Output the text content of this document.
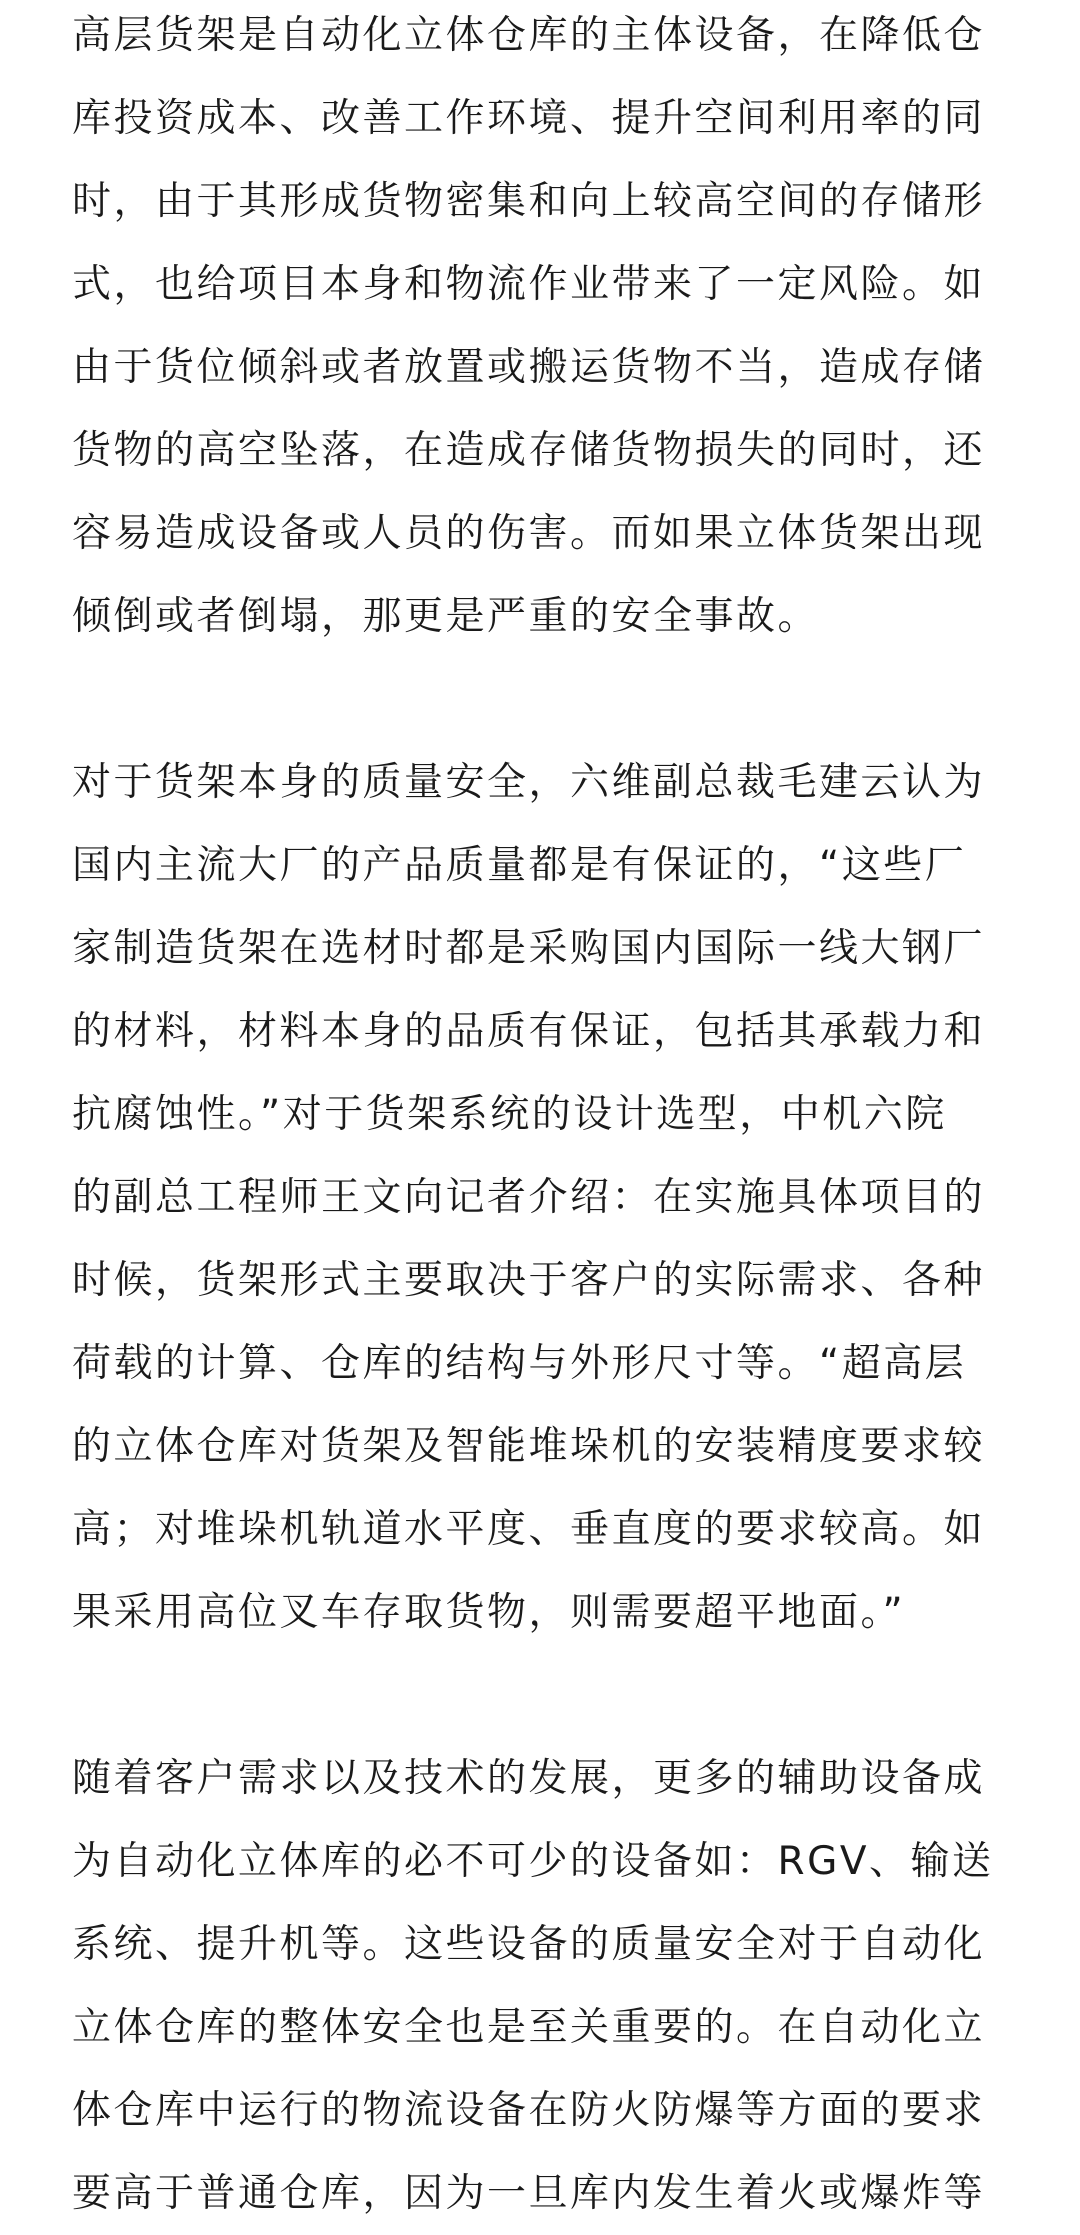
高层货架是自动化立体仓库的主体设备，在降低仓
库投资成本、改善工作环境、提升空间利用率的同
时，由于其形成货物密集和向上较高空间的存储形
式，也给项目本身和物流作业带来了一定风险。如
由于货位倾斜或者放置或搬运货物不当，造成存储
货物的高空坠落，在造成存储货物损失的同时，还
容易造成设备或人员的伤害。而如果立体货架出现
倾倒或者倒塌，那更是严重的安全事故。
对于货架本身的质量安全，六维副总裁毛建云认为
国内主流大厂的产品质量都是有保证的，“这些厂
家制造货架在选材时都是采购国内国际一线大钢厂
的材料，材料本身的品质有保证，包括其承载力和
抗腐蚀性。”对于货架系统的设计选型，中机六院
的副总工程师王文向记者介绍：在实施具体项目的
时候，货架形式主要取决于客户的实际需求、各种
荷载的计算、仓库的结构与外形尺寸等。“超高层
的立体仓库对货架及智能堆垛机的安装精度要求较
高；对堆垛机轨道水平度、垂直度的要求较高。如
果采用高位叉车存取货物，则需要超平地面。”
随着客户需求以及技术的发展，更多的辅助设备成
为自动化立体库的必不可少的设备如：RGV、输送
系统、提升机等。这些设备的质量安全对于自动化
立体仓库的整体安全也是至关重要的。在自动化立
体仓库中运行的物流设备在防火防爆等方面的要求
要高于普通仓库，因为一旦库内发生着火或爆炸等
